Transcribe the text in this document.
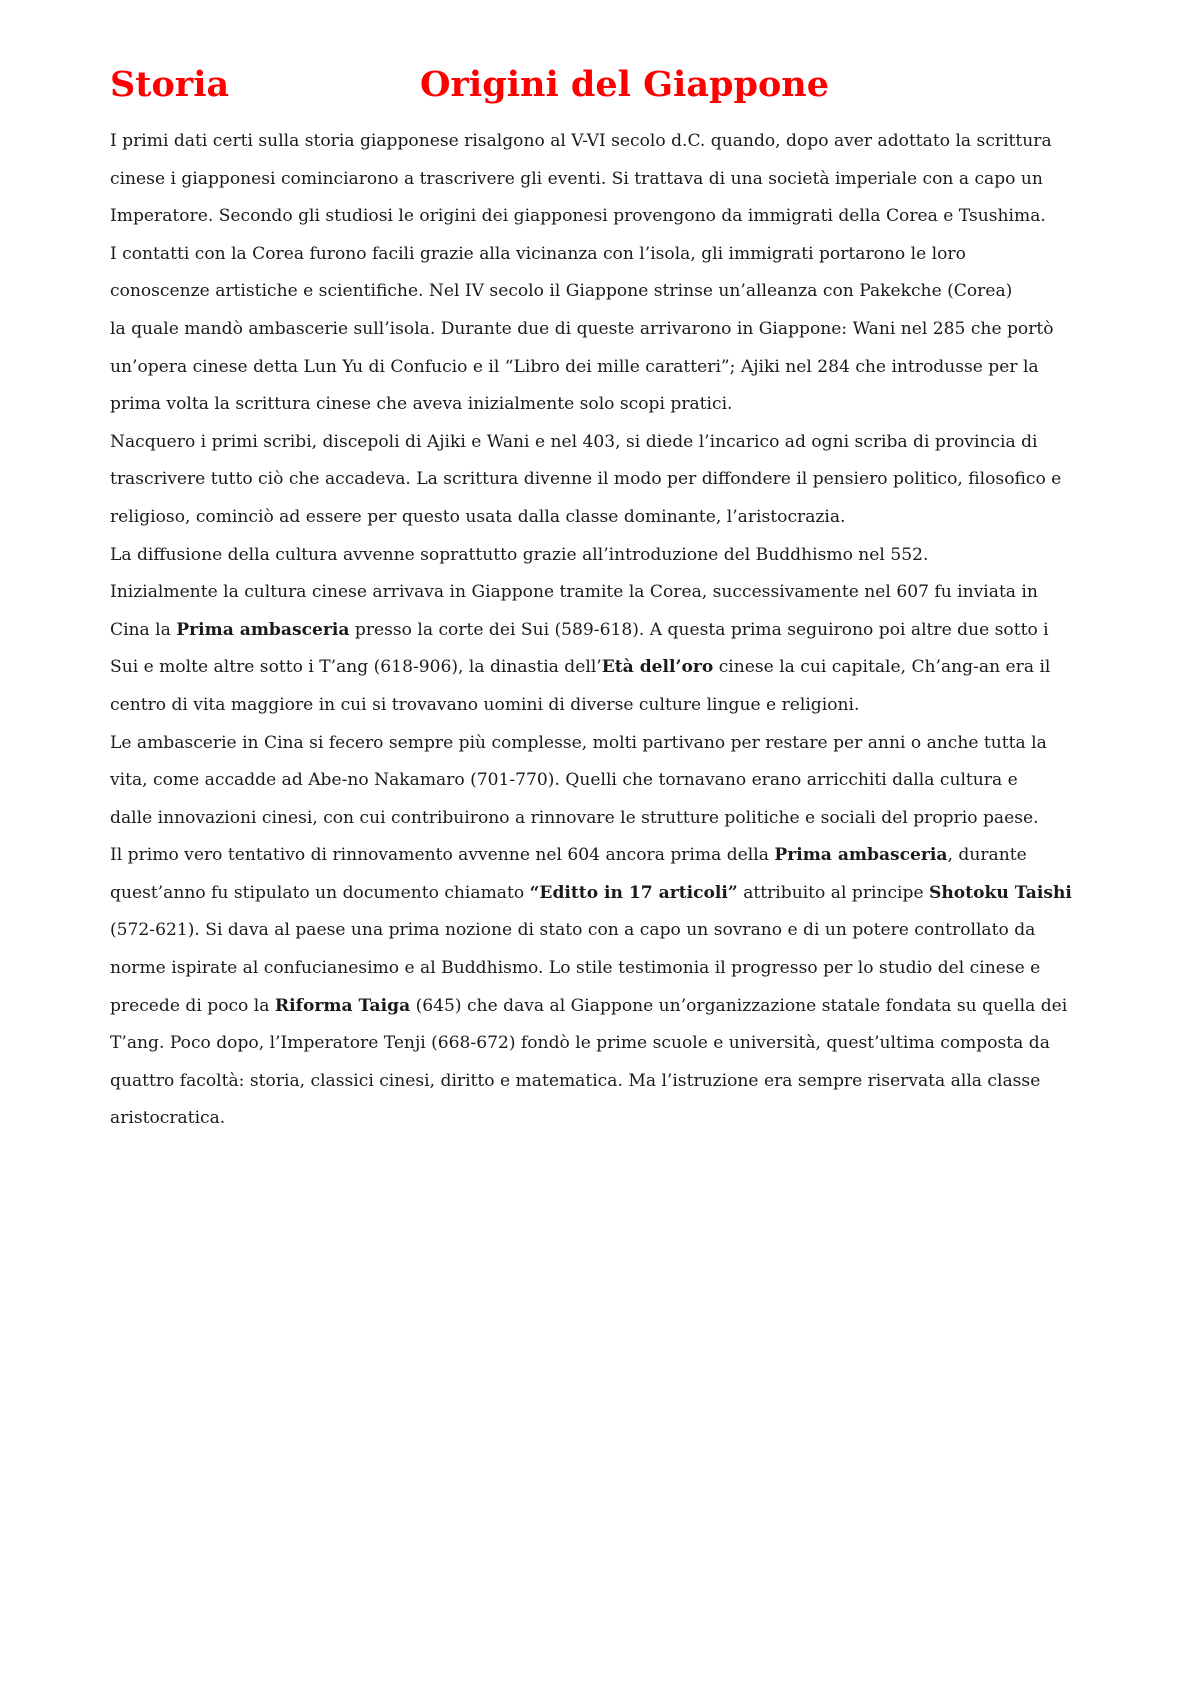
Storia	Origini del Giappone
I primi dati certi sulla storia giapponese risalgono al V-VI secolo d.C. quando, dopo aver adottato la scrittura
cinese i giapponesi cominciarono a trascrivere gli eventi. Si trattava di una società imperiale con a capo un
Imperatore. Secondo gli studiosi le origini dei giapponesi provengono da immigrati della Corea e Tsushima.
I contatti con la Corea furono facili grazie alla vicinanza con l’isola, gli immigrati portarono le loro
conoscenze artistiche e scientifiche. Nel IV secolo il Giappone strinse un’alleanza con Pakekche (Corea)
la quale mandò ambascerie sull’isola. Durante due di queste arrivarono in Giappone: Wani nel 285 che portò
un’opera cinese detta Lun Yu di Confucio e il “Libro dei mille caratteri”; Ajiki nel 284 che introdusse per la
prima volta la scrittura cinese che aveva inizialmente solo scopi pratici.
Nacquero i primi scribi, discepoli di Ajiki e Wani e nel 403, si diede l’incarico ad ogni scriba di provincia di
trascrivere tutto ciò che accadeva. La scrittura divenne il modo per diffondere il pensiero politico, filosofico e
religioso, cominciò ad essere per questo usata dalla classe dominante, l’aristocrazia.
La diffusione della cultura avvenne soprattutto grazie all’introduzione del Buddhismo nel 552.
Inizialmente la cultura cinese arrivava in Giappone tramite la Corea, successivamente nel 607 fu inviata in
Cina la Prima ambasceria presso la corte dei Sui (589-618). A questa prima seguirono poi altre due sotto i
Sui e molte altre sotto i T’ang (618-906), la dinastia dell’Età dell’oro cinese la cui capitale, Ch’ang-an era il
centro di vita maggiore in cui si trovavano uomini di diverse culture lingue e religioni.
Le ambascerie in Cina si fecero sempre più complesse, molti partivano per restare per anni o anche tutta la
vita, come accadde ad Abe-no Nakamaro (701-770). Quelli che tornavano erano arricchiti dalla cultura e
dalle innovazioni cinesi, con cui contribuirono a rinnovare le strutture politiche e sociali del proprio paese.
Il primo vero tentativo di rinnovamento avvenne nel 604 ancora prima della Prima ambasceria, durante
quest’anno fu stipulato un documento chiamato “Editto in 17 articoli” attribuito al principe Shotoku Taishi
(572-621). Si dava al paese una prima nozione di stato con a capo un sovrano e di un potere controllato da
norme ispirate al confucianesimo e al Buddhismo. Lo stile testimonia il progresso per lo studio del cinese e
precede di poco la Riforma Taiga (645) che dava al Giappone un’organizzazione statale fondata su quella dei
T’ang. Poco dopo, l’Imperatore Tenji (668-672) fondò le prime scuole e università, quest’ultima composta da
quattro facoltà: storia, classici cinesi, diritto e matematica. Ma l’istruzione era sempre riservata alla classe
aristocratica.
